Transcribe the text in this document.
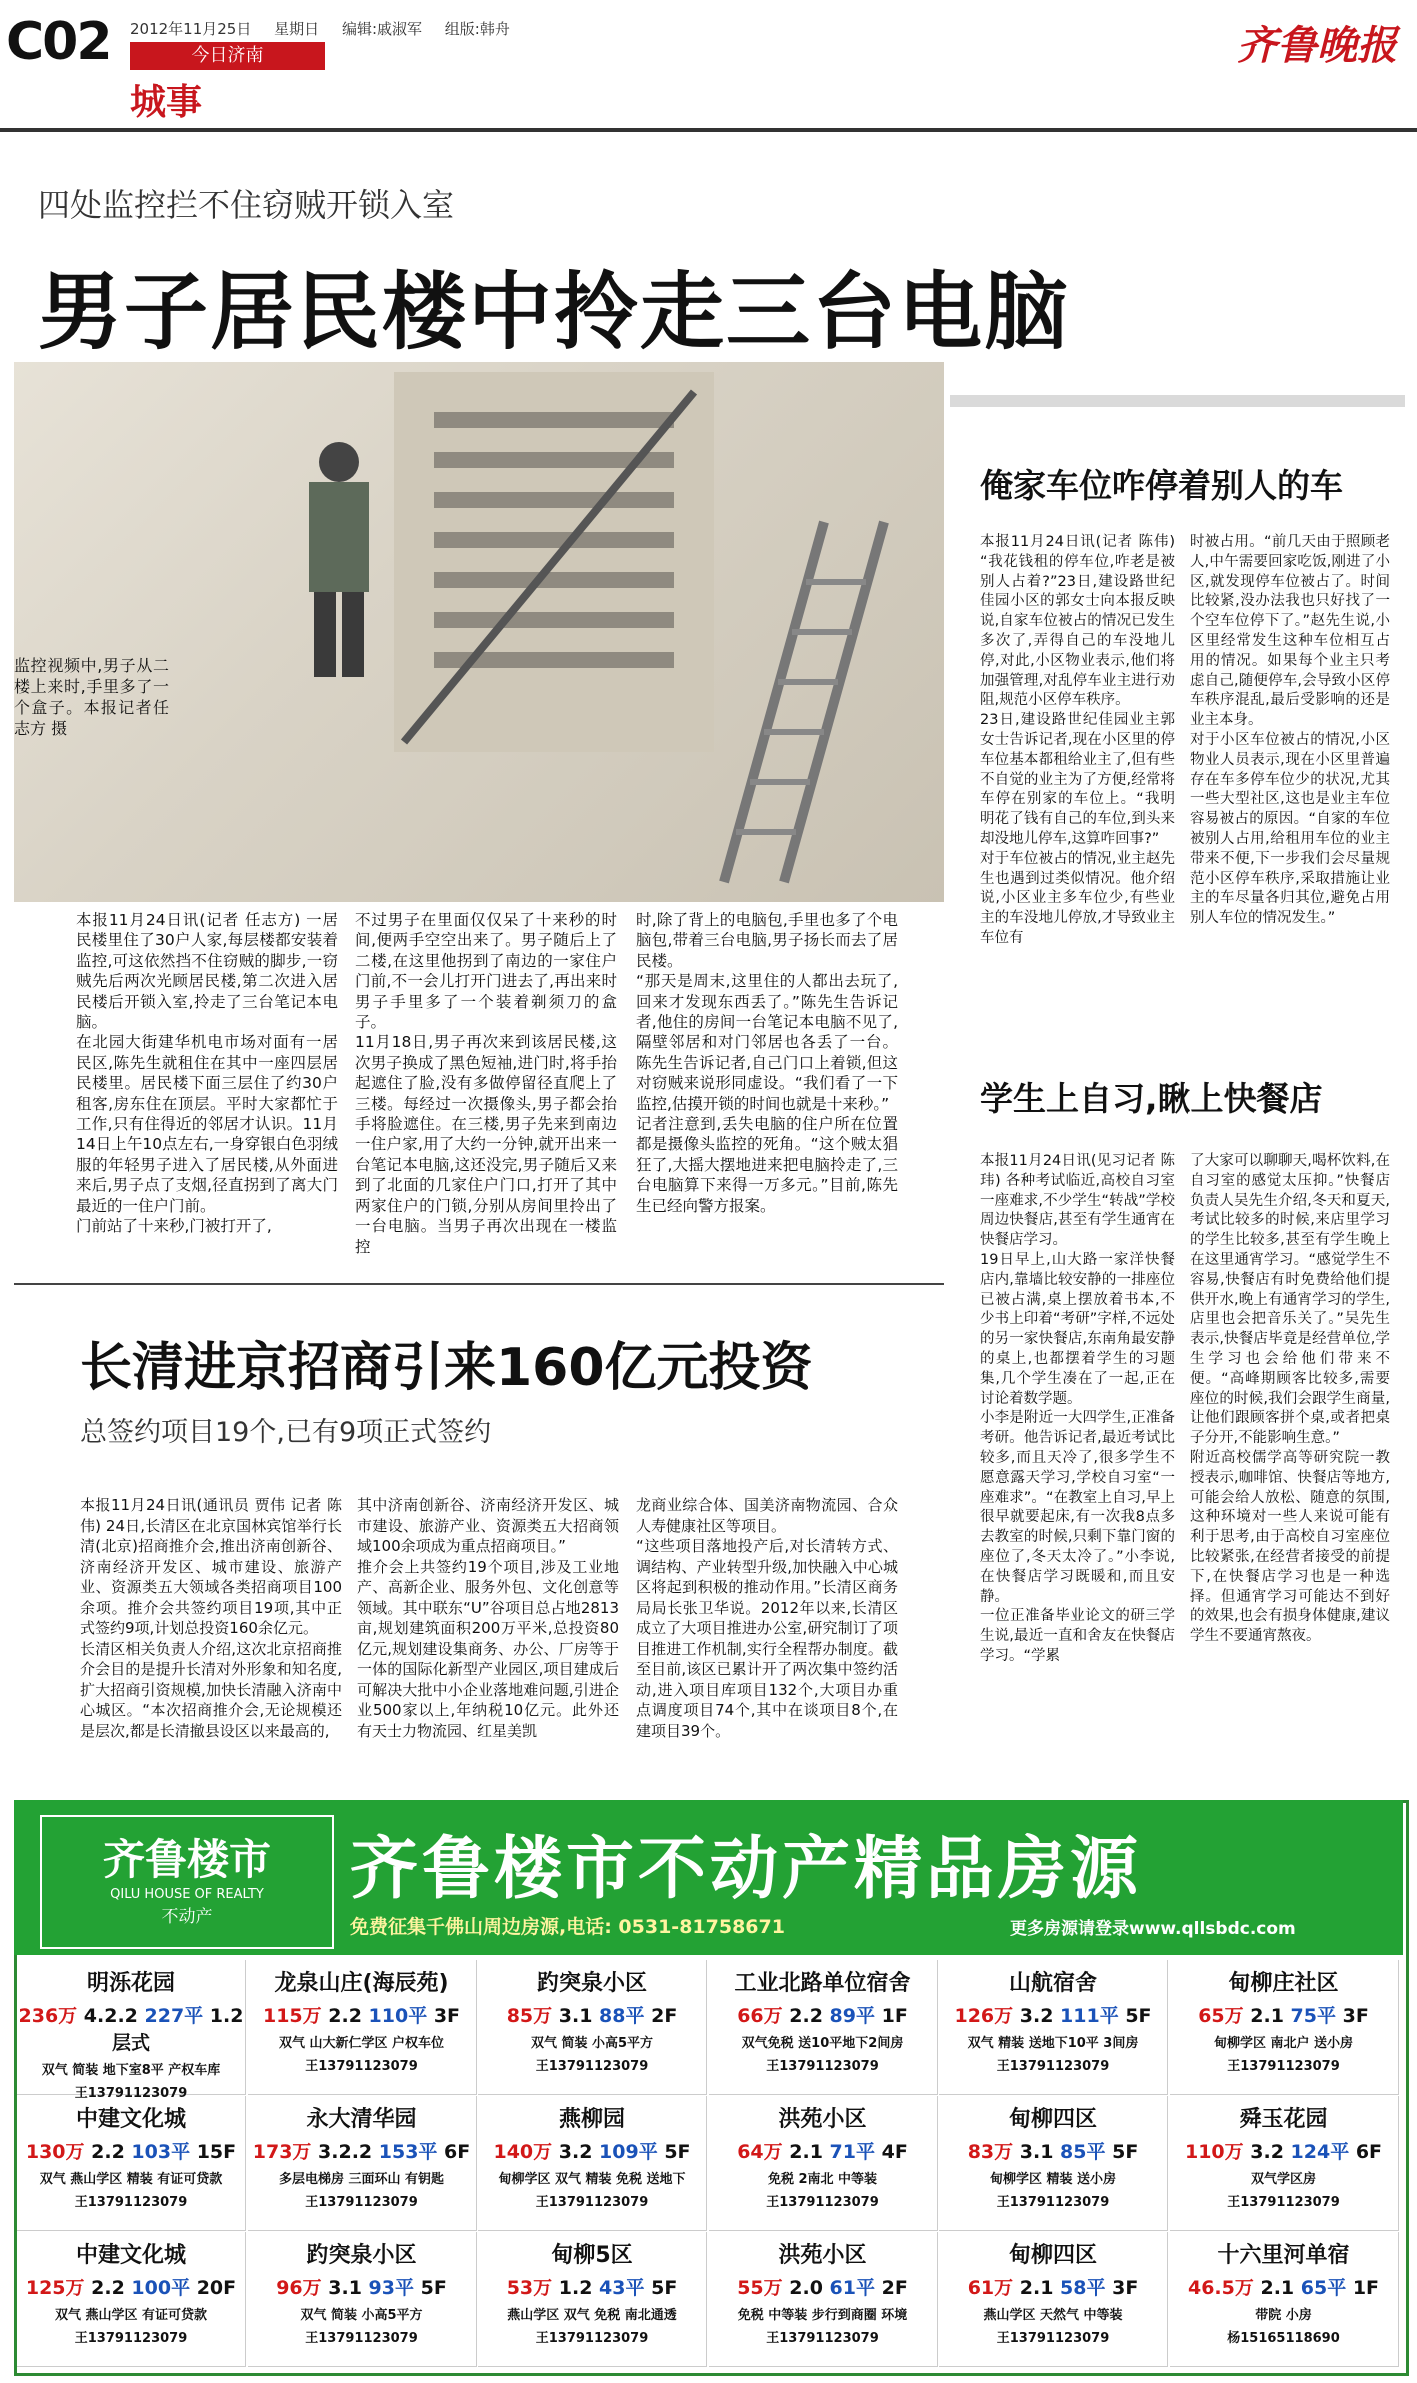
C02 2012年11月25日 星期日 编辑:戚淑军 组版:韩舟
今日济南
城事
齐鲁晚报
四处监控拦不住窃贼开锁入室
男子居民楼中拎走三台电脑
监控视频中,男子从二楼上来时,手里多了一个盒子。本报记者任志方 摄
本报11月24日讯(记者 任志方) 一居民楼里住了30户人家,每层楼都安装着监控,可这依然挡不住窃贼的脚步,一窃贼先后两次光顾居民楼,第二次进入居民楼后开锁入室,拎走了三台笔记本电脑。
在北园大街建华机电市场对面有一居民区,陈先生就租住在其中一座四层居民楼里。居民楼下面三层住了约30户租客,房东住在顶层。平时大家都忙于工作,只有住得近的邻居才认识。11月14日上午10点左右,一身穿银白色羽绒服的年轻男子进入了居民楼,从外面进来后,男子点了支烟,径直拐到了离大门最近的一住户门前。
门前站了十来秒,门被打开了,
不过男子在里面仅仅呆了十来秒的时间,便两手空空出来了。男子随后上了二楼,在这里他拐到了南边的一家住户门前,不一会儿打开门进去了,再出来时男子手里多了一个装着剃须刀的盒子。
11月18日,男子再次来到该居民楼,这次男子换成了黑色短袖,进门时,将手抬起遮住了脸,没有多做停留径直爬上了三楼。每经过一次摄像头,男子都会抬手将脸遮住。在三楼,男子先来到南边一住户家,用了大约一分钟,就开出来一台笔记本电脑,这还没完,男子随后又来到了北面的几家住户门口,打开了其中两家住户的门锁,分别从房间里拎出了一台电脑。当男子再次出现在一楼监控
时,除了背上的电脑包,手里也多了个电脑包,带着三台电脑,男子扬长而去了居民楼。
“那天是周末,这里住的人都出去玩了,回来才发现东西丢了。”陈先生告诉记者,他住的房间一台笔记本电脑不见了,隔壁邻居和对门邻居也各丢了一台。陈先生告诉记者,自己门口上着锁,但这对窃贼来说形同虚设。“我们看了一下监控,估摸开锁的时间也就是十来秒。”
记者注意到,丢失电脑的住户所在位置都是摄像头监控的死角。“这个贼太猖狂了,大摇大摆地进来把电脑拎走了,三台电脑算下来得一万多元。”目前,陈先生已经向警方报案。
俺家车位咋停着别人的车
本报11月24日讯(记者 陈伟) “我花钱租的停车位,咋老是被别人占着?”23日,建设路世纪佳园小区的郭女士向本报反映说,自家车位被占的情况已发生多次了,弄得自己的车没地儿停,对此,小区物业表示,他们将加强管理,对乱停车业主进行劝阻,规范小区停车秩序。
23日,建设路世纪佳园业主郭女士告诉记者,现在小区里的停车位基本都租给业主了,但有些不自觉的业主为了方便,经常将车停在别家的车位上。“我明明花了钱有自己的车位,到头来却没地儿停车,这算咋回事?”
对于车位被占的情况,业主赵先生也遇到过类似情况。他介绍说,小区业主多车位少,有些业主的车没地儿停放,才导致业主车位有
时被占用。“前几天由于照顾老人,中午需要回家吃饭,刚进了小区,就发现停车位被占了。时间比较紧,没办法我也只好找了一个空车位停下了。”赵先生说,小区里经常发生这种车位相互占用的情况。如果每个业主只考虑自己,随便停车,会导致小区停车秩序混乱,最后受影响的还是业主本身。
对于小区车位被占的情况,小区物业人员表示,现在小区里普遍存在车多停车位少的状况,尤其一些大型社区,这也是业主车位容易被占的原因。“自家的车位被别人占用,给租用车位的业主带来不便,下一步我们会尽量规范小区停车秩序,采取措施让业主的车尽量各归其位,避免占用别人车位的情况发生。”
学生上自习,瞅上快餐店
本报11月24日讯(见习记者 陈玮) 各种考试临近,高校自习室一座难求,不少学生“转战”学校周边快餐店,甚至有学生通宵在快餐店学习。
19日早上,山大路一家洋快餐店内,靠墙比较安静的一排座位已被占满,桌上摆放着书本,不少书上印着“考研”字样,不远处的另一家快餐店,东南角最安静的桌上,也都摆着学生的习题集,几个学生凑在了一起,正在讨论着数学题。
小李是附近一大四学生,正准备考研。他告诉记者,最近考试比较多,而且天冷了,很多学生不愿意露天学习,学校自习室“一座难求”。“在教室上自习,早上很早就要起床,有一次我8点多去教室的时候,只剩下靠门窗的座位了,冬天太冷了。”小李说,在快餐店学习既暖和,而且安静。
一位正准备毕业论文的研三学生说,最近一直和舍友在快餐店学习。“学累
了大家可以聊聊天,喝杯饮料,在自习室的感觉太压抑。”快餐店负责人吴先生介绍,冬天和夏天,考试比较多的时候,来店里学习的学生比较多,甚至有学生晚上在这里通宵学习。“感觉学生不容易,快餐店有时免费给他们提供开水,晚上有通宵学习的学生,店里也会把音乐关了。”吴先生表示,快餐店毕竟是经营单位,学生学习也会给他们带来不便。“高峰期顾客比较多,需要座位的时候,我们会跟学生商量,让他们跟顾客拼个桌,或者把桌子分开,不能影响生意。”
附近高校儒学高等研究院一教授表示,咖啡馆、快餐店等地方,可能会给人放松、随意的氛围,这种环境对一些人来说可能有利于思考,由于高校自习室座位比较紧张,在经营者接受的前提下,在快餐店学习也是一种选择。但通宵学习可能达不到好的效果,也会有损身体健康,建议学生不要通宵熬夜。
长清进京招商引来160亿元投资
总签约项目19个,已有9项正式签约
本报11月24日讯(通讯员 贾伟 记者 陈伟) 24日,长清区在北京国林宾馆举行长清(北京)招商推介会,推出济南创新谷、济南经济开发区、城市建设、旅游产业、资源类五大领域各类招商项目100余项。推介会共签约项目19项,其中正式签约9项,计划总投资160余亿元。
长清区相关负责人介绍,这次北京招商推介会目的是提升长清对外形象和知名度,扩大招商引资规模,加快长清融入济南中心城区。“本次招商推介会,无论规模还是层次,都是长清撤县设区以来最高的,
其中济南创新谷、济南经济开发区、城市建设、旅游产业、资源类五大招商领域100余项成为重点招商项目。”
推介会上共签约19个项目,涉及工业地产、高新企业、服务外包、文化创意等领域。其中联东“U”谷项目总占地2813亩,规划建筑面积200万平米,总投资80亿元,规划建设集商务、办公、厂房等于一体的国际化新型产业园区,项目建成后可解决大批中小企业落地难问题,引进企业500家以上,年纳税10亿元。此外还有天士力物流园、红星美凯
龙商业综合体、国美济南物流园、合众人寿健康社区等项目。
“这些项目落地投产后,对长清转方式、调结构、产业转型升级,加快融入中心城区将起到积极的推动作用。”长清区商务局局长张卫华说。2012年以来,长清区成立了大项目推进办公室,研究制订了项目推进工作机制,实行全程帮办制度。截至目前,该区已累计开了两次集中签约活动,进入项目库项目132个,大项目办重点调度项目74个,其中在谈项目8个,在建项目39个。
齐鲁楼市
QILU HOUSE OF REALTY
不动产
齐鲁楼市不动产精品房源
免费征集千佛山周边房源,电话: 0531-81758671	更多房源请登录www.qllsbdc.com
明泺花园
236万 4.2.2 227平 1.2层式
双气 简装 地下室8平 产权车库
王13791123079
龙泉山庄(海辰苑)
115万 2.2 110平 3F
双气 山大新仁学区 户权车位
王13791123079
趵突泉小区
85万 3.1 88平 2F
双气 简装 小高5平方
王13791123079
工业北路单位宿舍
66万 2.2 89平 1F
双气免税 送10平地下2间房
王13791123079
山航宿舍
126万 3.2 111平 5F
双气 精装 送地下10平 3间房
王13791123079
甸柳庄社区
65万 2.1 75平 3F
甸柳学区 南北户 送小房
王13791123079
中建文化城
130万 2.2 103平 15F
双气 燕山学区 精装 有证可贷款
王13791123079
永大清华园
173万 3.2.2 153平 6F
多层电梯房 三面环山 有钥匙
王13791123079
燕柳园
140万 3.2 109平 5F
甸柳学区 双气 精装 免税 送地下
王13791123079
洪苑小区
64万 2.1 71平 4F
免税 2南北 中等装
王13791123079
甸柳四区
83万 3.1 85平 5F
甸柳学区 精装 送小房
王13791123079
舜玉花园
110万 3.2 124平 6F
双气学区房
王13791123079
中建文化城
125万 2.2 100平 20F
双气 燕山学区 有证可贷款
王13791123079
趵突泉小区
96万 3.1 93平 5F
双气 简装 小高5平方
王13791123079
甸柳5区
53万 1.2 43平 5F
燕山学区 双气 免税 南北通透
王13791123079
洪苑小区
55万 2.0 61平 2F
免税 中等装 步行到商圈 环境
王13791123079
甸柳四区
61万 2.1 58平 3F
燕山学区 天然气 中等装
王13791123079
十六里河单宿
46.5万 2.1 65平 1F
带院 小房
杨15165118690
